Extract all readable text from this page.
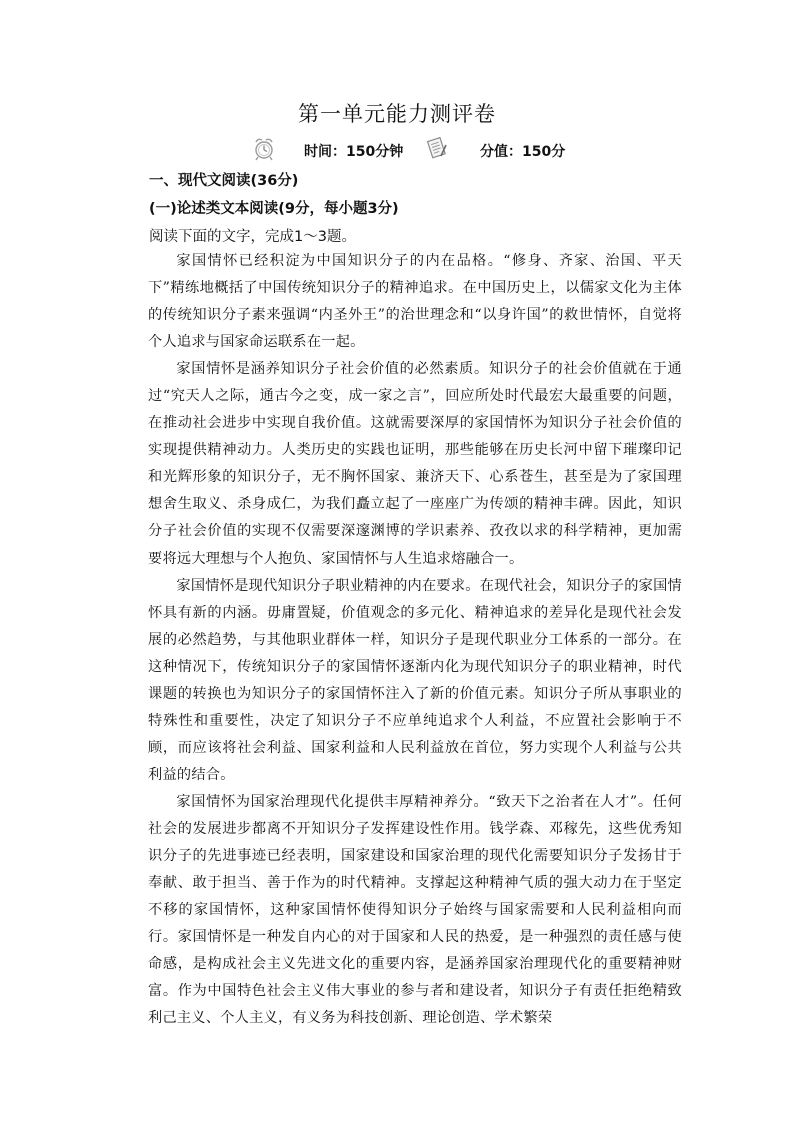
第一单元能力测评卷
时间：150分钟	分值：150分
一、现代文阅读(36分)
(一)论述类文本阅读(9分，每小题3分)
阅读下面的文字，完成1～3题。

家国情怀已经积淀为中国知识分子的内在品格。“修身、齐家、治国、平天下”精练地概括了中国传统知识分子的精神追求。在中国历史上，以儒家文化为主体的传统知识分子素来强调“内圣外王”的治世理念和“以身许国”的救世情怀，自觉将个人追求与国家命运联系在一起。

家国情怀是涵养知识分子社会价值的必然素质。知识分子的社会价值就在于通过“究天人之际，通古今之变，成一家之言”，回应所处时代最宏大最重要的问题，在推动社会进步中实现自我价值。这就需要深厚的家国情怀为知识分子社会价值的实现提供精神动力。人类历史的实践也证明，那些能够在历史长河中留下璀璨印记和光辉形象的知识分子，无不胸怀国家、兼济天下、心系苍生，甚至是为了家国理想舍生取义、杀身成仁，为我们矗立起了一座座广为传颂的精神丰碑。因此，知识分子社会价值的实现不仅需要深邃渊博的学识素养、孜孜以求的科学精神，更加需要将远大理想与个人抱负、家国情怀与人生追求熔融合一。

家国情怀是现代知识分子职业精神的内在要求。在现代社会，知识分子的家国情怀具有新的内涵。毋庸置疑，价值观念的多元化、精神追求的差异化是现代社会发展的必然趋势，与其他职业群体一样，知识分子是现代职业分工体系的一部分。在这种情况下，传统知识分子的家国情怀逐渐内化为现代知识分子的职业精神，时代课题的转换也为知识分子的家国情怀注入了新的价值元素。知识分子所从事职业的特殊性和重要性，决定了知识分子不应单纯追求个人利益，不应置社会影响于不顾，而应该将社会利益、国家利益和人民利益放在首位，努力实现个人利益与公共利益的结合。

家国情怀为国家治理现代化提供丰厚精神养分。“致天下之治者在人才”。任何社会的发展进步都离不开知识分子发挥建设性作用。钱学森、邓稼先，这些优秀知识分子的先进事迹已经表明，国家建设和国家治理的现代化需要知识分子发扬甘于奉献、敢于担当、善于作为的时代精神。支撑起这种精神气质的强大动力在于坚定不移的家国情怀，这种家国情怀使得知识分子始终与国家需要和人民利益相向而行。家国情怀是一种发自内心的对于国家和人民的热爱，是一种强烈的责任感与使命感，是构成社会主义先进文化的重要内容，是涵养国家治理现代化的重要精神财富。作为中国特色社会主义伟大事业的参与者和建设者，知识分子有责任拒绝精致利己主义、个人主义，有义务为科技创新、理论创造、学术繁荣
